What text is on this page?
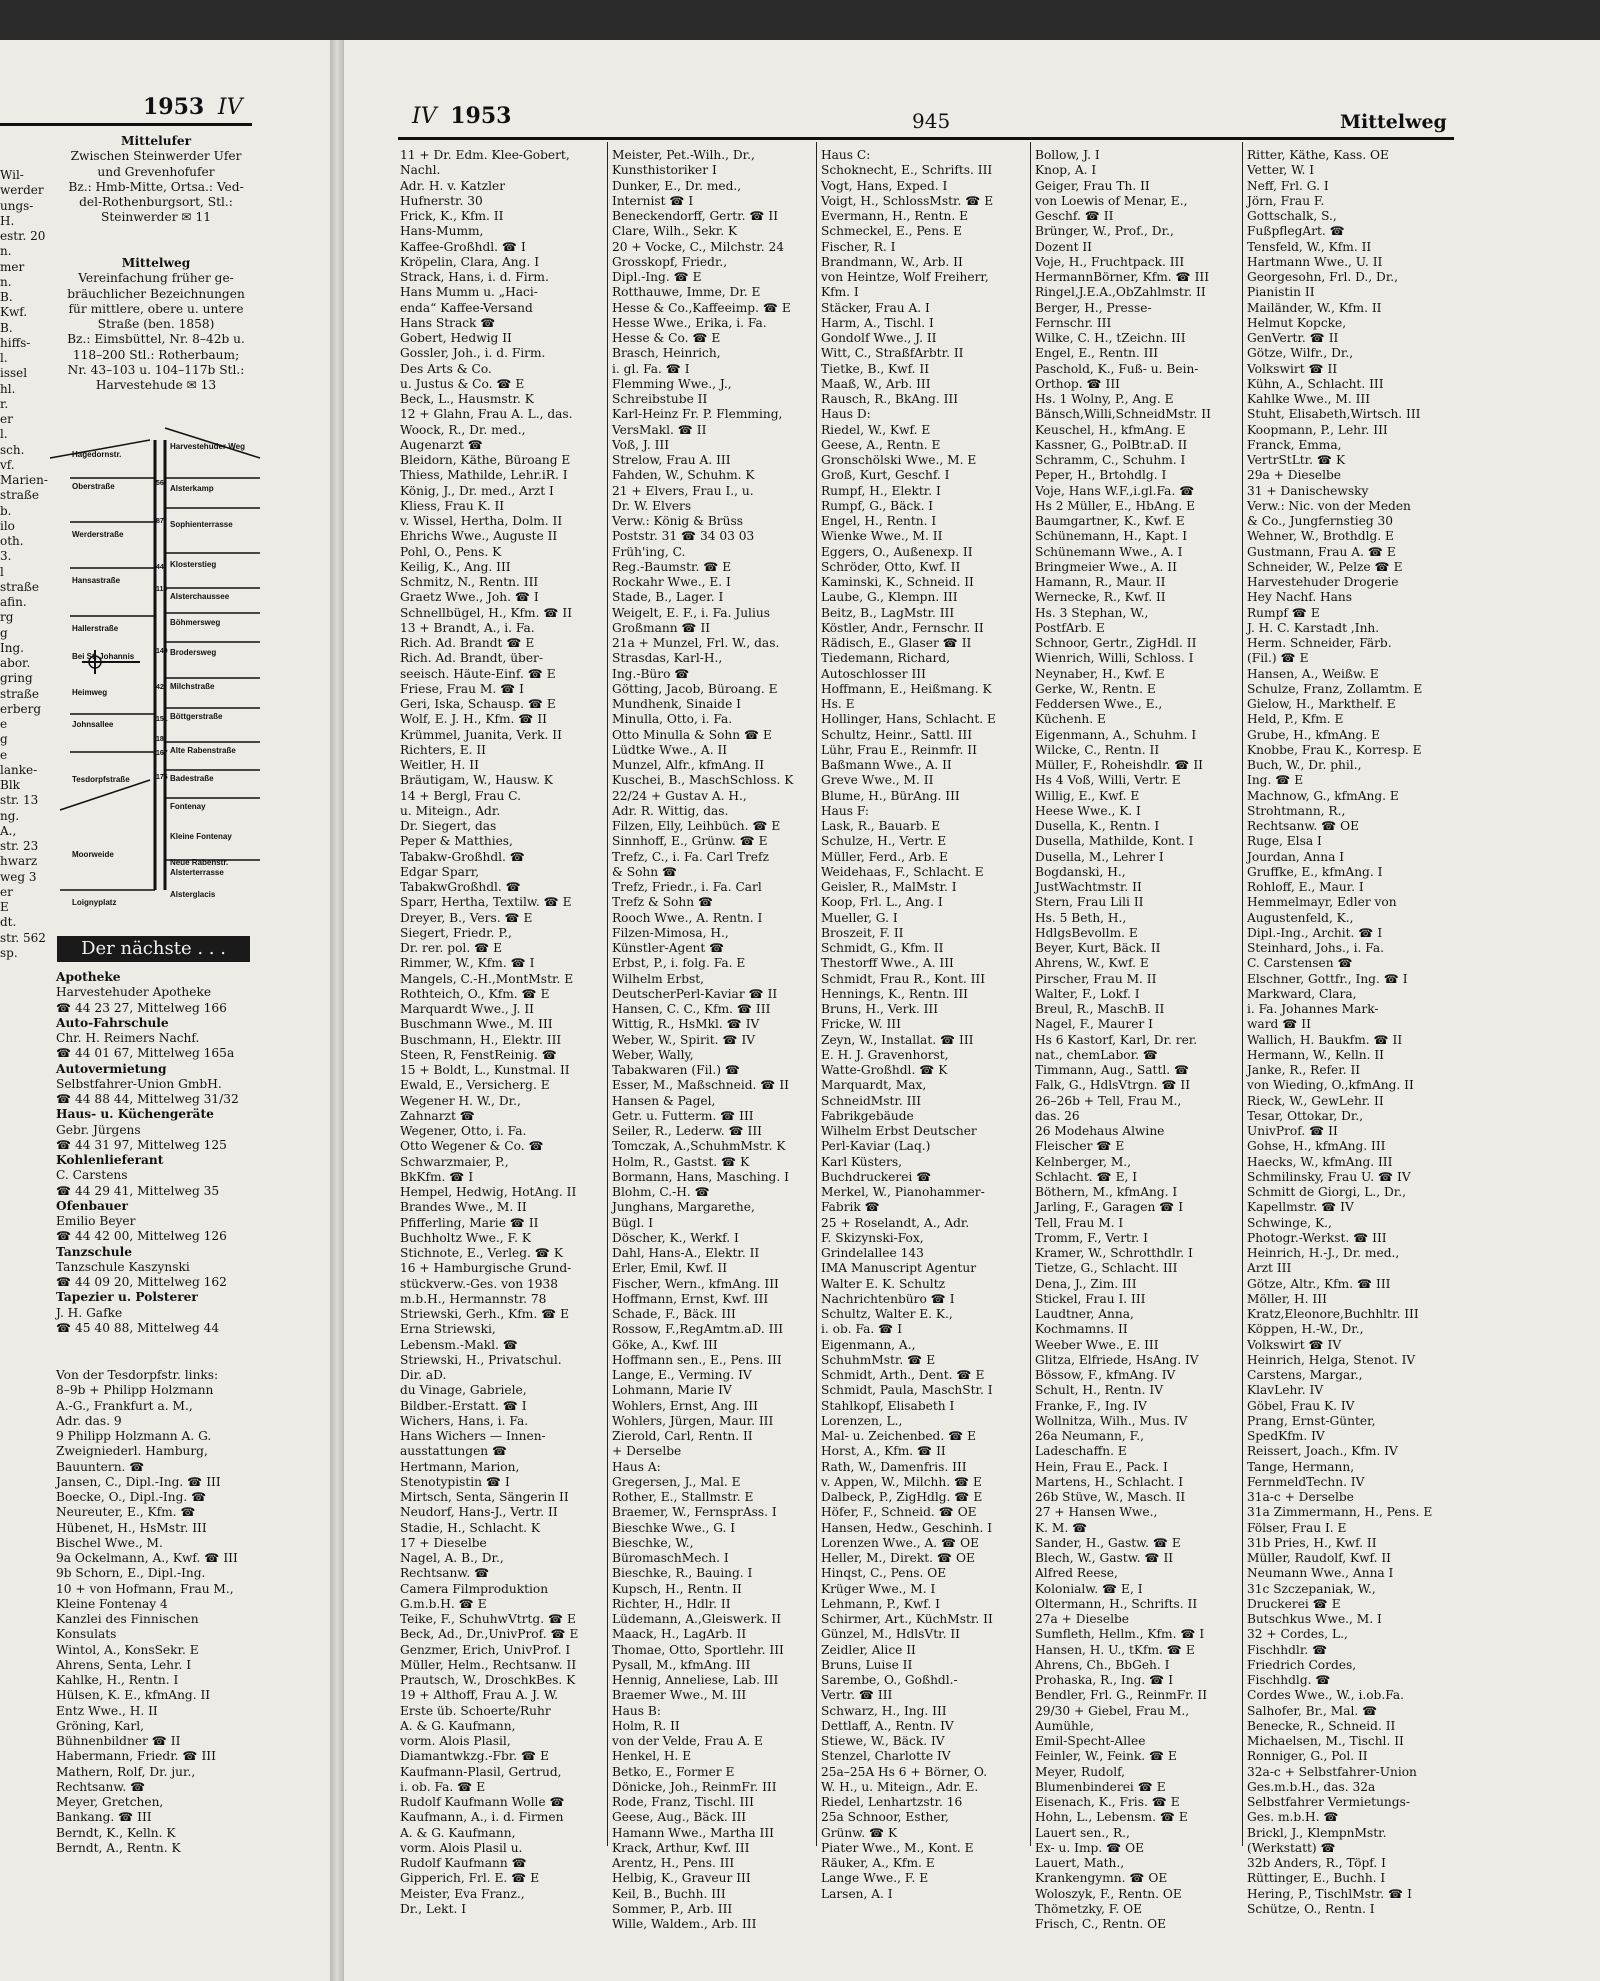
1953 IV
Wil-
werder
ungs-
H.
estr. 20
n.
mer
n.
B.
Kwf.
B.
hiffs-
l.
issel
hl.
r.
er
l.
sch.
vf.
Marien-
straße
b.
ilo
oth.
3.
l
straße
afin.
rg
g
Ing.
abor.
gring
straße
erberg
e
g
e
lanke-
Blk
str. 13
ng.
A.,
str. 23
hwarz
weg 3
er
E
dt.
str. 562
sp.
Mittelufer
Zwischen Steinwerder Ufer
und Grevenhofufer
Bz.: Hmb-Mitte, Ortsa.: Ved-
del-Rothenburgsort, Stl.:
Steinwerder ✉ 11
Mittelweg
Vereinfachung früher ge-
bräuchlicher Bezeichnungen
für mittlere, obere u. untere
Straße (ben. 1858)
Bz.: Eimsbüttel, Nr. 8–42b u.
118–200 Stl.: Rotherbaum;
Nr. 43–103 u. 104–117b Stl.:
Harvestehude ✉ 13
Hagedornstr.
Oberstraße
Werderstraße
Hansastraße
Hallerstraße
Bei St. Johannis
Heimweg
Johnsallee
Tesdorpfstraße
Moorweide
Loignyplatz
Harvestehuder Weg
Alsterkamp
Sophienterrasse
Klosterstieg
Alsterchaussee
Böhmersweg
Brodersweg
Milchstraße
Böttgerstraße
Alte Rabenstraße
Badestraße
Fontenay
Kleine Fontenay
Neue Rabenstr.
Alsterterrasse
Alsterglacis
56
87
44
114
140
42
151
167
176
18
Der nächste . . .
Apotheke
Harvestehuder Apotheke
☎ 44 23 27, Mittelweg 166
Auto-Fahrschule
Chr. H. Reimers Nachf.
☎ 44 01 67, Mittelweg 165a
Autovermietung
Selbstfahrer-Union GmbH.
☎ 44 88 44, Mittelweg 31/32
Haus- u. Küchengeräte
Gebr. Jürgens
☎ 44 31 97, Mittelweg 125
Kohlenlieferant
C. Carstens
☎ 44 29 41, Mittelweg 35
Ofenbauer
Emilio Beyer
☎ 44 42 00, Mittelweg 126
Tanzschule
Tanzschule Kaszynski
☎ 44 09 20, Mittelweg 162
Tapezier u. Polsterer
J. H. Gafke
☎ 45 40 88, Mittelweg 44
Von der Tesdorpfstr. links:
8–9b + Philipp Holzmann
A.-G., Frankfurt a. M.,
Adr. das. 9
9 Philipp Holzmann A. G.
Zweigniederl. Hamburg,
Bauuntern. ☎
Jansen, C., Dipl.-Ing. ☎ III
Boecke, O., Dipl.-Ing. ☎
Neureuter, E., Kfm. ☎
Hübenet, H., HsMstr. III
Bischel Wwe., M.
9a Ockelmann, A., Kwf. ☎ III
9b Schorn, E., Dipl.-Ing.
10 + von Hofmann, Frau M.,
Kleine Fontenay 4
Kanzlei des Finnischen
Konsulats
Wintol, A., KonsSekr. E
Ahrens, Senta, Lehr. I
Kahlke, H., Rentn. I
Hülsen, K. E., kfmAng. II
Entz Wwe., H. II
Gröning, Karl,
Bühnenbildner ☎ II
Habermann, Friedr. ☎ III
Mathern, Rolf, Dr. jur.,
Rechtsanw. ☎
Meyer, Gretchen,
Bankang. ☎ III
Berndt, K., Kelln. K
Berndt, A., Rentn. K
IV 1953	945	Mittelweg
11 + Dr. Edm. Klee-Gobert,
Nachl.
Adr. H. v. Katzler
Hufnerstr. 30
Frick, K., Kfm. II
Hans-Mumm,
Kaffee-Großhdl. ☎ I
Kröpelin, Clara, Ang. I
Strack, Hans, i. d. Firm.
Hans Mumm u. „Haci-
enda“ Kaffee-Versand
Hans Strack ☎
Gobert, Hedwig II
Gossler, Joh., i. d. Firm.
Des Arts & Co.
u. Justus & Co. ☎ E
Beck, L., Hausmstr. K
12 + Glahn, Frau A. L., das.
Woock, R., Dr. med.,
Augenarzt ☎
Bleidorn, Käthe, Büroang E
Thiess, Mathilde, Lehr.iR. I
König, J., Dr. med., Arzt I
Kliess, Frau K. II
v. Wissel, Hertha, Dolm. II
Ehrichs Wwe., Auguste II
Pohl, O., Pens. K
Keilig, K., Ang. III
Schmitz, N., Rentn. III
Graetz Wwe., Joh. ☎ I
Schnellbügel, H., Kfm. ☎ II
13 + Brandt, A., i. Fa.
Rich. Ad. Brandt ☎ E
Rich. Ad. Brandt, über-
seeisch. Häute-Einf. ☎ E
Friese, Frau M. ☎ I
Geri, Iska, Schausp. ☎ E
Wolf, E. J. H., Kfm. ☎ II
Krümmel, Juanita, Verk. II
Richters, E. II
Weitler, H. II
Bräutigam, W., Hausw. K
14 + Bergl, Frau C.
u. Miteign., Adr.
Dr. Siegert, das
Peper & Matthies,
Tabakw-Großhdl. ☎
Edgar Sparr,
TabakwGroßhdl. ☎
Sparr, Hertha, Textilw. ☎ E
Dreyer, B., Vers. ☎ E
Siegert, Friedr. P.,
Dr. rer. pol. ☎ E
Rimmer, W., Kfm. ☎ I
Mangels, C.-H.,MontMstr. E
Rothteich, O., Kfm. ☎ E
Marquardt Wwe., J. II
Buschmann Wwe., M. III
Buschmann, H., Elektr. III
Steen, R, FenstReinig. ☎
15 + Boldt, L., Kunstmal. II
Ewald, E., Versicherg. E
Wegener H. W., Dr.,
Zahnarzt ☎
Wegener, Otto, i. Fa.
Otto Wegener & Co. ☎
Schwarzmaier, P.,
BkKfm. ☎ I
Hempel, Hedwig, HotAng. II
Brandes Wwe., M. II
Pfifferling, Marie ☎ II
Buchholtz Wwe., F. K
Stichnote, E., Verleg. ☎ K
16 + Hamburgische Grund-
stückverw.-Ges. von 1938
m.b.H., Hermannstr. 78
Striewski, Gerh., Kfm. ☎ E
Erna Striewski,
Lebensm.-Makl. ☎
Striewski, H., Privatschul.
Dir. aD.
du Vinage, Gabriele,
Bildber.-Erstatt. ☎ I
Wichers, Hans, i. Fa.
Hans Wichers — Innen-
ausstattungen ☎
Hertmann, Marion,
Stenotypistin ☎ I
Mirtsch, Senta, Sängerin II
Neudorf, Hans-J., Vertr. II
Stadie, H., Schlacht. K
17 + Dieselbe
Nagel, A. B., Dr.,
Rechtsanw. ☎
Camera Filmproduktion
G.m.b.H. ☎ E
Teike, F., SchuhwVtrtg. ☎ E
Beck, Ad., Dr.,UnivProf. ☎ E
Genzmer, Erich, UnivProf. I
Müller, Helm., Rechtsanw. II
Prautsch, W., DroschkBes. K
19 + Althoff, Frau A. J. W.
Erste üb. Schoerte/Ruhr
A. & G. Kaufmann,
vorm. Alois Plasil,
Diamantwkzg.-Fbr. ☎ E
Kaufmann-Plasil, Gertrud,
i. ob. Fa. ☎ E
Rudolf Kaufmann Wolle ☎
Kaufmann, A., i. d. Firmen
A. & G. Kaufmann,
vorm. Alois Plasil u.
Rudolf Kaufmann ☎
Gipperich, Frl. E. ☎ E
Meister, Eva Franz.,
Dr., Lekt. I
Meister, Pet.-Wilh., Dr.,
Kunsthistoriker I
Dunker, E., Dr. med.,
Internist ☎ I
Beneckendorff, Gertr. ☎ II
Clare, Wilh., Sekr. K
20 + Vocke, C., Milchstr. 24
Grosskopf, Friedr.,
Dipl.-Ing. ☎ E
Rotthauwe, Imme, Dr. E
Hesse & Co.,Kaffeeimp. ☎ E
Hesse Wwe., Erika, i. Fa.
Hesse & Co. ☎ E
Brasch, Heinrich,
i. gl. Fa. ☎ I
Flemming Wwe., J.,
Schreibstube II
Karl-Heinz Fr. P. Flemming,
VersMakl. ☎ II
Voß, J. III
Strelow, Frau A. III
Fahden, W., Schuhm. K
21 + Elvers, Frau I., u.
Dr. W. Elvers
Verw.: König & Brüss
Poststr. 31 ☎ 34 03 03
Früh'ing, C.
Reg.-Baumstr. ☎ E
Rockahr Wwe., E. I
Stade, B., Lager. I
Weigelt, E. F., i. Fa. Julius
Großmann ☎ II
21a + Munzel, Frl. W., das.
Strasdas, Karl-H.,
Ing.-Büro ☎
Götting, Jacob, Büroang. E
Mundhenk, Sinaide I
Minulla, Otto, i. Fa.
Otto Minulla & Sohn ☎ E
Lüdtke Wwe., A. II
Munzel, Alfr., kfmAng. II
Kuschei, B., MaschSchloss. K
22/24 + Gustav A. H.,
Adr. R. Wittig, das.
Filzen, Elly, Leihbüch. ☎ E
Sinnhoff, E., Grünw. ☎ E
Trefz, C., i. Fa. Carl Trefz
& Sohn ☎
Trefz, Friedr., i. Fa. Carl
Trefz & Sohn ☎
Rooch Wwe., A. Rentn. I
Filzen-Mimosa, H.,
Künstler-Agent ☎
Erbst, P., i. folg. Fa. E
Wilhelm Erbst,
DeutscherPerl-Kaviar ☎ II
Hansen, C. C., Kfm. ☎ III
Wittig, R., HsMkl. ☎ IV
Weber, W., Spirit. ☎ IV
Weber, Wally,
Tabakwaren (Fil.) ☎
Esser, M., Maßschneid. ☎ II
Hansen & Pagel,
Getr. u. Futterm. ☎ III
Seiler, R., Lederw. ☎ III
Tomczak, A.,SchuhmMstr. K
Holm, R., Gastst. ☎ K
Bormann, Hans, Masching. I
Blohm, C.-H. ☎
Junghans, Margarethe,
Bügl. I
Döscher, K., Werkf. I
Dahl, Hans-A., Elektr. II
Erler, Emil, Kwf. II
Fischer, Wern., kfmAng. III
Hoffmann, Ernst, Kwf. III
Schade, F., Bäck. III
Rossow, F.,RegAmtm.aD. III
Göke, A., Kwf. III
Hoffmann sen., E., Pens. III
Lange, E., Verming. IV
Lohmann, Marie IV
Wohlers, Ernst, Ang. III
Wohlers, Jürgen, Maur. III
Zierold, Carl, Rentn. II
+ Derselbe
Haus A:
Gregersen, J., Mal. E
Rother, E., Stallmstr. E
Braemer, W., FernsprAss. I
Bieschke Wwe., G. I
Bieschke, W.,
BüromaschMech. I
Bieschke, R., Bauing. I
Kupsch, H., Rentn. II
Richter, H., Hdlr. II
Lüdemann, A.,Gleiswerk. II
Maack, H., LagArb. II
Thomae, Otto, Sportlehr. III
Pysall, M., kfmAng. III
Hennig, Anneliese, Lab. III
Braemer Wwe., M. III
Haus B:
Holm, R. II
von der Velde, Frau A. E
Henkel, H. E
Betko, E., Former E
Dönicke, Joh., ReinmFr. III
Rode, Franz, Tischl. III
Geese, Aug., Bäck. III
Hamann Wwe., Martha III
Krack, Arthur, Kwf. III
Arentz, H., Pens. III
Helbig, K., Graveur III
Keil, B., Buchh. III
Sommer, P., Arb. III
Wille, Waldem., Arb. III
Haus C:
Schoknecht, E., Schrifts. III
Vogt, Hans, Exped. I
Voigt, H., SchlossMstr. ☎ E
Evermann, H., Rentn. E
Schmeckel, E., Pens. E
Fischer, R. I
Brandmann, W., Arb. II
von Heintze, Wolf Freiherr,
Kfm. I
Stäcker, Frau A. I
Harm, A., Tischl. I
Gondolf Wwe., J. II
Witt, C., StraßfArbtr. II
Tietke, B., Kwf. II
Maaß, W., Arb. III
Rausch, R., BkAng. III
Haus D:
Riedel, W., Kwf. E
Geese, A., Rentn. E
Gronschölski Wwe., M. E
Groß, Kurt, Geschf. I
Rumpf, H., Elektr. I
Rumpf, G., Bäck. I
Engel, H., Rentn. I
Wienke Wwe., M. II
Eggers, O., Außenexp. II
Schröder, Otto, Kwf. II
Kaminski, K., Schneid. II
Laube, G., Klempn. III
Beitz, B., LagMstr. III
Köstler, Andr., Fernschr. II
Rädisch, E., Glaser ☎ II
Tiedemann, Richard,
Autoschlosser III
Hoffmann, E., Heißmang. K
Hs. E
Hollinger, Hans, Schlacht. E
Schultz, Heinr., Sattl. III
Lühr, Frau E., Reinmfr. II
Baßmann Wwe., A. II
Greve Wwe., M. II
Blume, H., BürAng. III
Haus F:
Lask, R., Bauarb. E
Schulze, H., Vertr. E
Müller, Ferd., Arb. E
Weidehaas, F., Schlacht. E
Geisler, R., MalMstr. I
Koop, Frl. L., Ang. I
Mueller, G. I
Broszeit, F. II
Schmidt, G., Kfm. II
Thestorff Wwe., A. III
Schmidt, Frau R., Kont. III
Hennings, K., Rentn. III
Bruns, H., Verk. III
Fricke, W. III
Zeyn, W., Installat. ☎ III
E. H. J. Gravenhorst,
Watte-Großhdl. ☎ K
Marquardt, Max,
SchneidMstr. III
Fabrikgebäude
Wilhelm Erbst Deutscher
Perl-Kaviar (Laq.)
Karl Küsters,
Buchdruckerei ☎
Merkel, W., Pianohammer-
Fabrik ☎
25 + Roselandt, A., Adr.
F. Skizynski-Fox,
Grindelallee 143
IMA Manuscript Agentur
Walter E. K. Schultz
Nachrichtenbüro ☎ I
Schultz, Walter E. K.,
i. ob. Fa. ☎ I
Eigenmann, A.,
SchuhmMstr. ☎ E
Schmidt, Arth., Dent. ☎ E
Schmidt, Paula, MaschStr. I
Stahlkopf, Elisabeth I
Lorenzen, L.,
Mal- u. Zeichenbed. ☎ E
Horst, A., Kfm. ☎ II
Rath, W., Damenfris. III
v. Appen, W., Milchh. ☎ E
Dalbeck, P., ZigHdlg. ☎ E
Höfer, F., Schneid. ☎ OE
Hansen, Hedw., Geschinh. I
Lorenzen Wwe., A. ☎ OE
Heller, M., Direkt. ☎ OE
Hinqst, C., Pens. OE
Krüger Wwe., M. I
Lehmann, P., Kwf. I
Schirmer, Art., KüchMstr. II
Günzel, M., HdlsVtr. II
Zeidler, Alice II
Bruns, Luise II
Sarembe, O., Goßhdl.-
Vertr. ☎ III
Schwarz, H., Ing. III
Dettlaff, A., Rentn. IV
Stiewe, W., Bäck. IV
Stenzel, Charlotte IV
25a–25A Hs 6 + Börner, O.
W. H., u. Miteign., Adr. E.
Riedel, Lenhartzstr. 16
25a Schnoor, Esther,
Grünw. ☎ K
Piater Wwe., M., Kont. E
Räuker, A., Kfm. E
Lange Wwe., F. E
Larsen, A. I
Bollow, J. I
Knop, A. I
Geiger, Frau Th. II
von Loewis of Menar, E.,
Geschf. ☎ II
Brünger, W., Prof., Dr.,
Dozent II
Voje, H., Fruchtpack. III
HermannBörner, Kfm. ☎ III
Ringel,J.E.A.,ObZahlmstr. II
Berger, H., Presse-
Fernschr. III
Wilke, C. H., tZeichn. III
Engel, E., Rentn. III
Paschold, K., Fuß- u. Bein-
Orthop. ☎ III
Hs. 1 Wolny, P., Ang. E
Bänsch,Willi,SchneidMstr. II
Keuschel, H., kfmAng. E
Kassner, G., PolBtr.aD. II
Schramm, C., Schuhm. I
Peper, H., Brtohdlg. I
Voje, Hans W.F.,i.gl.Fa. ☎
Hs 2 Müller, E., HbAng. E
Baumgartner, K., Kwf. E
Schünemann, H., Kapt. I
Schünemann Wwe., A. I
Bringmeier Wwe., A. II
Hamann, R., Maur. II
Wernecke, R., Kwf. II
Hs. 3 Stephan, W.,
PostfArb. E
Schnoor, Gertr., ZigHdl. II
Wienrich, Willi, Schloss. I
Neynaber, H., Kwf. E
Gerke, W., Rentn. E
Feddersen Wwe., E.,
Küchenh. E
Eigenmann, A., Schuhm. I
Wilcke, C., Rentn. II
Müller, F., Roheishdlr. ☎ II
Hs 4 Voß, Willi, Vertr. E
Willig, E., Kwf. E
Heese Wwe., K. I
Dusella, K., Rentn. I
Dusella, Mathilde, Kont. I
Dusella, M., Lehrer I
Bogdanski, H.,
JustWachtmstr. II
Stern, Frau Lili II
Hs. 5 Beth, H.,
HdlgsBevollm. E
Beyer, Kurt, Bäck. II
Ahrens, W., Kwf. E
Pirscher, Frau M. II
Walter, F., Lokf. I
Breul, R., MaschB. II
Nagel, F., Maurer I
Hs 6 Kastorf, Karl, Dr. rer.
nat., chemLabor. ☎
Timmann, Aug., Sattl. ☎
Falk, G., HdlsVtrgn. ☎ II
26–26b + Tell, Frau M.,
das. 26
26 Modehaus Alwine
Fleischer ☎ E
Kelnberger, M.,
Schlacht. ☎ E, I
Böthern, M., kfmAng. I
Jarling, F., Garagen ☎ I
Tell, Frau M. I
Tromm, F., Vertr. I
Kramer, W., Schrotthdlr. I
Tietze, G., Schlacht. III
Dena, J., Zim. III
Stickel, Frau I. III
Laudtner, Anna,
Kochmamns. II
Weeber Wwe., E. III
Glitza, Elfriede, HsAng. IV
Bössow, F., kfmAng. IV
Schult, H., Rentn. IV
Franke, F., Ing. IV
Wollnitza, Wilh., Mus. IV
26a Neumann, F.,
Ladeschaffn. E
Hein, Frau E., Pack. I
Martens, H., Schlacht. I
26b Stüve, W., Masch. II
27 + Hansen Wwe.,
K. M. ☎
Sander, H., Gastw. ☎ E
Blech, W., Gastw. ☎ II
Alfred Reese,
Kolonialw. ☎ E, I
Oltermann, H., Schrifts. II
27a + Dieselbe
Sumfleth, Hellm., Kfm. ☎ I
Hansen, H. U., tKfm. ☎ E
Ahrens, Ch., BbGeh. I
Prohaska, R., Ing. ☎ I
Bendler, Frl. G., ReinmFr. II
29/30 + Giebel, Frau M.,
Aumühle,
Emil-Specht-Allee
Feinler, W., Feink. ☎ E
Meyer, Rudolf,
Blumenbinderei ☎ E
Eisenach, K., Fris. ☎ E
Hohn, L., Lebensm. ☎ E
Lauert sen., R.,
Ex- u. Imp. ☎ OE
Lauert, Math.,
Krankengymn. ☎ OE
Woloszyk, F., Rentn. OE
Thömetzky, F. OE
Frisch, C., Rentn. OE
Ritter, Käthe, Kass. OE
Vetter, W. I
Neff, Frl. G. I
Jörn, Frau F.
Gottschalk, S.,
FußpflegArt. ☎
Tensfeld, W., Kfm. II
Hartmann Wwe., U. II
Georgesohn, Frl. D., Dr.,
Pianistin II
Mailänder, W., Kfm. II
Helmut Kopcke,
GenVertr. ☎ II
Götze, Wilfr., Dr.,
Volkswirt ☎ II
Kühn, A., Schlacht. III
Kahlke Wwe., M. III
Stuht, Elisabeth,Wirtsch. III
Koopmann, P., Lehr. III
Franck, Emma,
VertrStLtr. ☎ K
29a + Dieselbe
31 + Danischewsky
Verw.: Nic. von der Meden
& Co., Jungfernstieg 30
Wehner, W., Brothdlg. E
Gustmann, Frau A. ☎ E
Schneider, W., Pelze ☎ E
Harvestehuder Drogerie
Hey Nachf. Hans
Rumpf ☎ E
J. H. C. Karstadt ,Inh.
Herm. Schneider, Färb.
(Fil.) ☎ E
Hansen, A., Weißw. E
Schulze, Franz, Zollamtm. E
Gielow, H., Markthelf. E
Held, P., Kfm. E
Grube, H., kfmAng. E
Knobbe, Frau K., Korresp. E
Buch, W., Dr. phil.,
Ing. ☎ E
Machnow, G., kfmAng. E
Strohtmann, R.,
Rechtsanw. ☎ OE
Ruge, Elsa I
Jourdan, Anna I
Gruffke, E., kfmAng. I
Rohloff, E., Maur. I
Hemmelmayr, Edler von
Augustenfeld, K.,
Dipl.-Ing., Archit. ☎ I
Steinhard, Johs., i. Fa.
C. Carstensen ☎
Elschner, Gottfr., Ing. ☎ I
Markward, Clara,
i. Fa. Johannes Mark-
ward ☎ II
Wallich, H. Baukfm. ☎ II
Hermann, W., Kelln. II
Janke, R., Refer. II
von Wieding, O.,kfmAng. II
Rieck, W., GewLehr. II
Tesar, Ottokar, Dr.,
UnivProf. ☎ II
Gohse, H., kfmAng. III
Haecks, W., kfmAng. III
Schmilinsky, Frau U. ☎ IV
Schmitt de Giorgi, L., Dr.,
Kapellmstr. ☎ IV
Schwinge, K.,
Photogr.-Werkst. ☎ III
Heinrich, H.-J., Dr. med.,
Arzt III
Götze, Altr., Kfm. ☎ III
Möller, H. III
Kratz,Eleonore,Buchhltr. III
Köppen, H.-W., Dr.,
Volkswirt ☎ IV
Heinrich, Helga, Stenot. IV
Carstens, Margar.,
KlavLehr. IV
Göbel, Frau K. IV
Prang, Ernst-Günter,
SpedKfm. IV
Reissert, Joach., Kfm. IV
Tange, Hermann,
FernmeldTechn. IV
31a-c + Derselbe
31a Zimmermann, H., Pens. E
Fölser, Frau I. E
31b Pries, H., Kwf. II
Müller, Raudolf, Kwf. II
Neumann Wwe., Anna I
31c Szczepaniak, W.,
Druckerei ☎ E
Butschkus Wwe., M. I
32 + Cordes, L.,
Fischhdlr. ☎
Friedrich Cordes,
Fischhdlg. ☎
Cordes Wwe., W., i.ob.Fa.
Salhofer, Br., Mal. ☎
Benecke, R., Schneid. II
Michaelsen, M., Tischl. II
Ronniger, G., Pol. II
32a-c + Selbstfahrer-Union
Ges.m.b.H., das. 32a
Selbstfahrer Vermietungs-
Ges. m.b.H. ☎
Brickl, J., KlempnMstr.
(Werkstatt) ☎
32b Anders, R., Töpf. I
Rüttinger, E., Buchh. I
Hering, P., TischlMstr. ☎ I
Schütze, O., Rentn. I
